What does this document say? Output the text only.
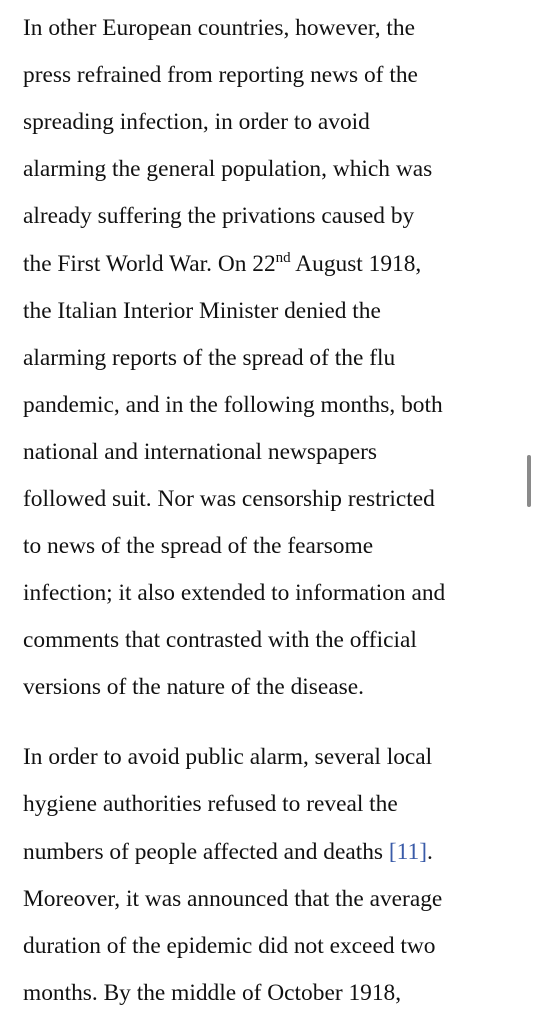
In other European countries, however, the
press refrained from reporting news of the
spreading infection, in order to avoid
alarming the general population, which was
already suffering the privations caused by
the First World War. On 22nd August 1918,
the Italian Interior Minister denied the
alarming reports of the spread of the flu
pandemic, and in the following months, both
national and international newspapers
followed suit. Nor was censorship restricted
to news of the spread of the fearsome
infection; it also extended to information and
comments that contrasted with the official
versions of the nature of the disease.
In order to avoid public alarm, several local
hygiene authorities refused to reveal the
numbers of people affected and deaths [11].
Moreover, it was announced that the average
duration of the epidemic did not exceed two
months. By the middle of October 1918,
